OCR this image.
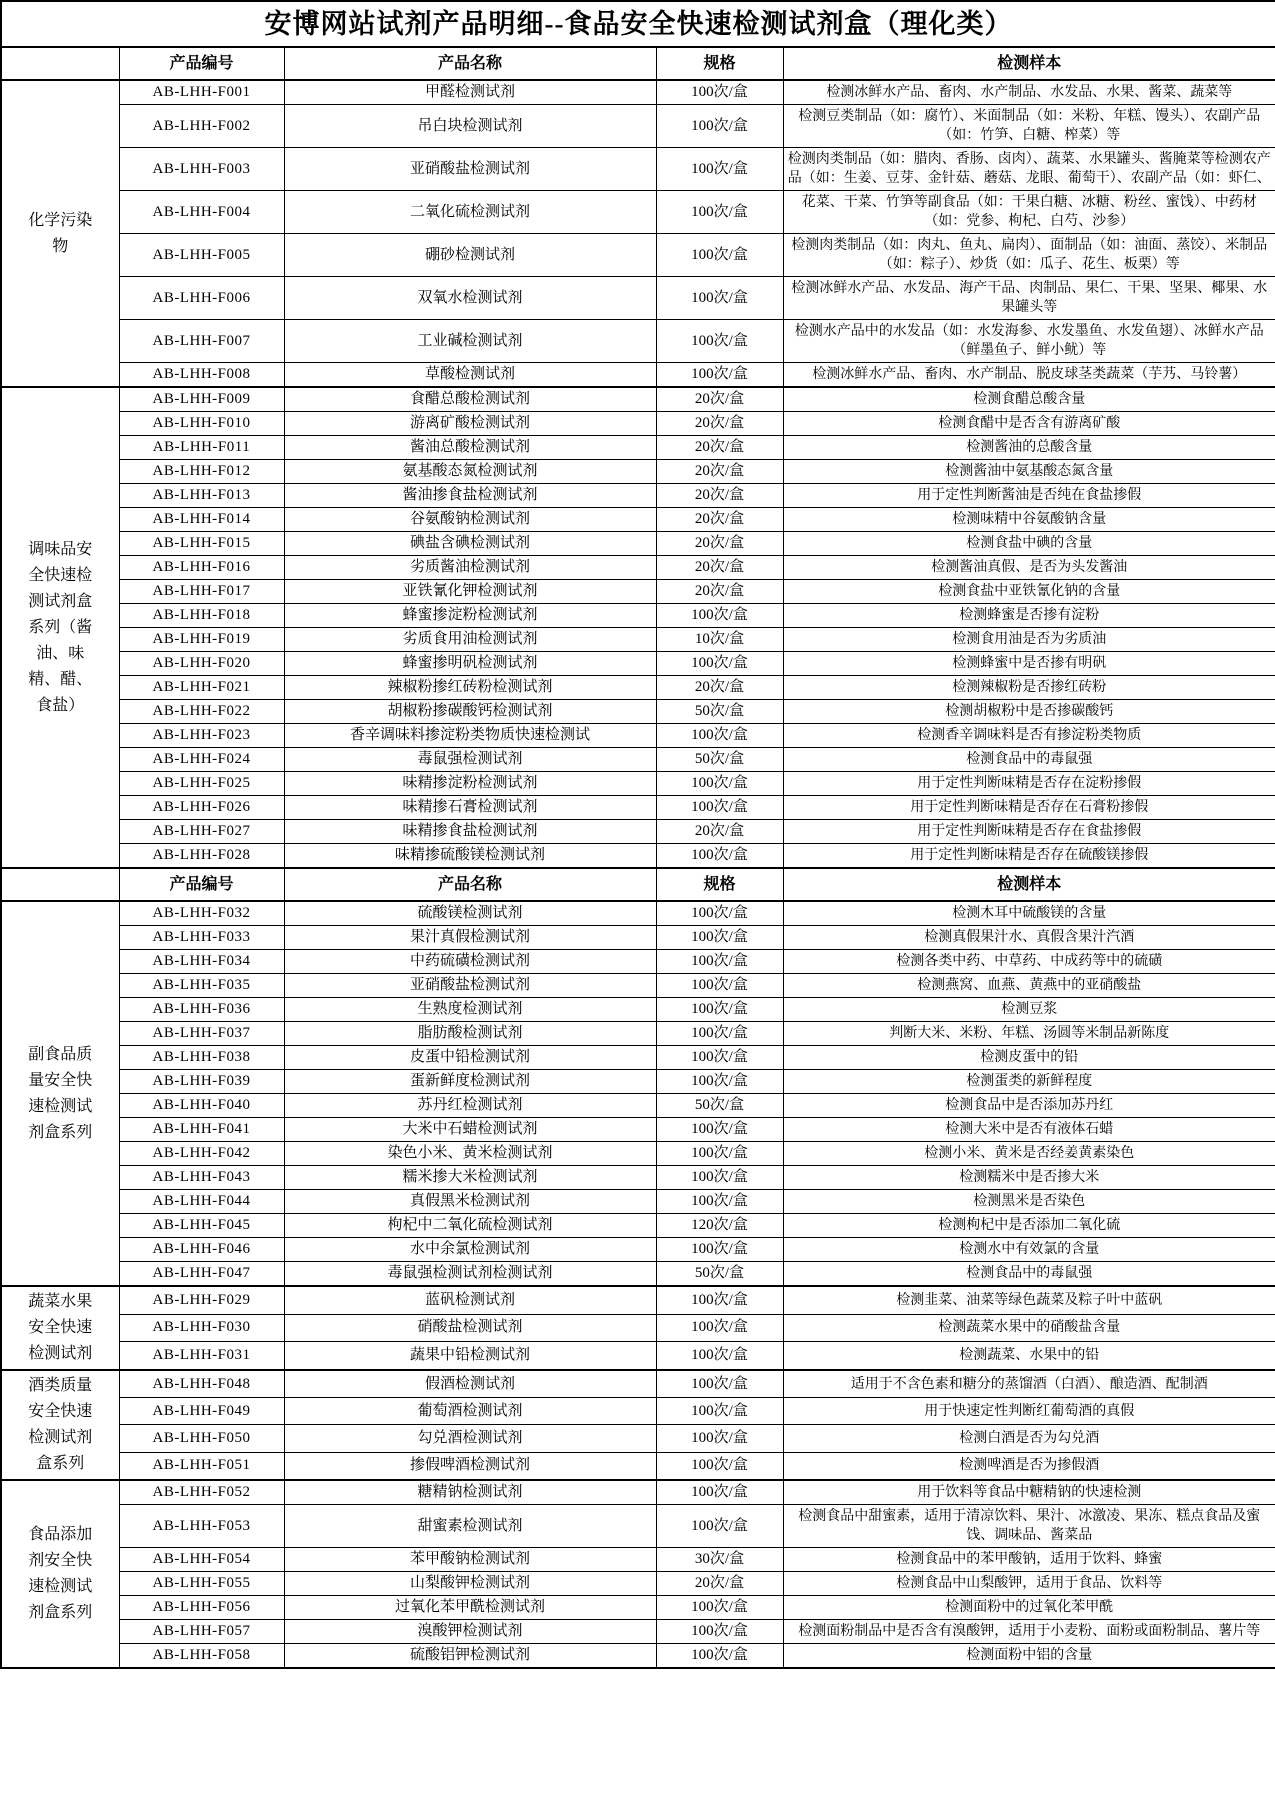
安博网站试剂产品明细--食品安全快速检测试剂盒（理化类）				
	产品编号	产品名称	规格	检测样本
化学污染物	AB-LHH-F001	甲醛检测试剂	100次/盒	检测冰鲜水产品、畜肉、水产制品、水发品、水果、酱菜、蔬菜等
	AB-LHH-F002	吊白块检测试剂	100次/盒	检测豆类制品（如：腐竹）、米面制品（如：米粉、年糕、馒头）、农副产品（如：竹笋、白糖、榨菜）等
	AB-LHH-F003	亚硝酸盐检测试剂	100次/盒	检测肉类制品（如：腊肉、香肠、卤肉）、蔬菜、水果罐头、酱腌菜等检测农产品（如：生姜、豆芽、金针菇、蘑菇、龙眼、葡萄干）、农副产品（如：虾仁、
	AB-LHH-F004	二氧化硫检测试剂	100次/盒	花菜、干菜、竹笋等副食品（如：干果白糖、冰糖、粉丝、蜜饯）、中药材（如：党参、枸杞、白芍、沙参）
	AB-LHH-F005	硼砂检测试剂	100次/盒	检测肉类制品（如：肉丸、鱼丸、扁肉）、面制品（如：油面、蒸饺）、米制品（如：粽子）、炒货（如：瓜子、花生、板栗）等
	AB-LHH-F006	双氧水检测试剂	100次/盒	检测冰鲜水产品、水发品、海产干品、肉制品、果仁、干果、坚果、椰果、水果罐头等
	AB-LHH-F007	工业碱检测试剂	100次/盒	检测水产品中的水发品（如：水发海参、水发墨鱼、水发鱼翅）、冰鲜水产品（鲜墨鱼子、鲜小鱿）等
	AB-LHH-F008	草酸检测试剂	100次/盒	检测冰鲜水产品、畜肉、水产制品、脱皮球茎类蔬菜（芋艿、马铃薯）
调味品安全快速检测试剂盒系列（酱油、味精、醋、食盐）	AB-LHH-F009	食醋总酸检测试剂	20次/盒	检测食醋总酸含量
	AB-LHH-F010	游离矿酸检测试剂	20次/盒	检测食醋中是否含有游离矿酸
	AB-LHH-F011	酱油总酸检测试剂	20次/盒	检测酱油的总酸含量
	AB-LHH-F012	氨基酸态氮检测试剂	20次/盒	检测酱油中氨基酸态氮含量
	AB-LHH-F013	酱油掺食盐检测试剂	20次/盒	用于定性判断酱油是否纯在食盐掺假
	AB-LHH-F014	谷氨酸钠检测试剂	20次/盒	检测味精中谷氨酸钠含量
	AB-LHH-F015	碘盐含碘检测试剂	20次/盒	检测食盐中碘的含量
	AB-LHH-F016	劣质酱油检测试剂	20次/盒	检测酱油真假、是否为头发酱油
	AB-LHH-F017	亚铁氰化钾检测试剂	20次/盒	检测食盐中亚铁氰化钠的含量
	AB-LHH-F018	蜂蜜掺淀粉检测试剂	100次/盒	检测蜂蜜是否掺有淀粉
	AB-LHH-F019	劣质食用油检测试剂	10次/盒	检测食用油是否为劣质油
	AB-LHH-F020	蜂蜜掺明矾检测试剂	100次/盒	检测蜂蜜中是否掺有明矾
	AB-LHH-F021	辣椒粉掺红砖粉检测试剂	20次/盒	检测辣椒粉是否掺红砖粉
	AB-LHH-F022	胡椒粉掺碳酸钙检测试剂	50次/盒	检测胡椒粉中是否掺碳酸钙
	AB-LHH-F023	香辛调味料掺淀粉类物质快速检测试	100次/盒	检测香辛调味料是否有掺淀粉类物质
	AB-LHH-F024	毒鼠强检测试剂	50次/盒	检测食品中的毒鼠强
	AB-LHH-F025	味精掺淀粉检测试剂	100次/盒	用于定性判断味精是否存在淀粉掺假
	AB-LHH-F026	味精掺石膏检测试剂	100次/盒	用于定性判断味精是否存在石膏粉掺假
	AB-LHH-F027	味精掺食盐检测试剂	20次/盒	用于定性判断味精是否存在食盐掺假
	AB-LHH-F028	味精掺硫酸镁检测试剂	100次/盒	用于定性判断味精是否存在硫酸镁掺假
	产品编号	产品名称	规格	检测样本
副食品质量安全快速检测试剂盒系列	AB-LHH-F032	硫酸镁检测试剂	100次/盒	检测木耳中硫酸镁的含量
	AB-LHH-F033	果汁真假检测试剂	100次/盒	检测真假果汁水、真假含果汁汽酒
	AB-LHH-F034	中药硫磺检测试剂	100次/盒	检测各类中药、中草药、中成药等中的硫磺
	AB-LHH-F035	亚硝酸盐检测试剂	100次/盒	检测燕窝、血燕、黄燕中的亚硝酸盐
	AB-LHH-F036	生熟度检测试剂	100次/盒	检测豆浆
	AB-LHH-F037	脂肪酸检测试剂	100次/盒	判断大米、米粉、年糕、汤圆等米制品新陈度
	AB-LHH-F038	皮蛋中铅检测试剂	100次/盒	检测皮蛋中的铅
	AB-LHH-F039	蛋新鲜度检测试剂	100次/盒	检测蛋类的新鲜程度
	AB-LHH-F040	苏丹红检测试剂	50次/盒	检测食品中是否添加苏丹红
	AB-LHH-F041	大米中石蜡检测试剂	100次/盒	检测大米中是否有液体石蜡
	AB-LHH-F042	染色小米、黄米检测试剂	100次/盒	检测小米、黄米是否经姜黄素染色
	AB-LHH-F043	糯米掺大米检测试剂	100次/盒	检测糯米中是否掺大米
	AB-LHH-F044	真假黑米检测试剂	100次/盒	检测黑米是否染色
	AB-LHH-F045	枸杞中二氧化硫检测试剂	120次/盒	检测枸杞中是否添加二氧化硫
	AB-LHH-F046	水中余氯检测试剂	100次/盒	检测水中有效氯的含量
	AB-LHH-F047	毒鼠强检测试剂检测试剂	50次/盒	检测食品中的毒鼠强
蔬菜水果安全快速检测试剂	AB-LHH-F029	蓝矾检测试剂	100次/盒	检测韭菜、油菜等绿色蔬菜及粽子叶中蓝矾
	AB-LHH-F030	硝酸盐检测试剂	100次/盒	检测蔬菜水果中的硝酸盐含量
	AB-LHH-F031	蔬果中铅检测试剂	100次/盒	检测蔬菜、水果中的铅
酒类质量安全快速检测试剂盒系列	AB-LHH-F048	假酒检测试剂	100次/盒	适用于不含色素和糖分的蒸馏酒（白酒）、酿造酒、配制酒
	AB-LHH-F049	葡萄酒检测试剂	100次/盒	用于快速定性判断红葡萄酒的真假
	AB-LHH-F050	勾兑酒检测试剂	100次/盒	检测白酒是否为勾兑酒
	AB-LHH-F051	掺假啤酒检测试剂	100次/盒	检测啤酒是否为掺假酒
食品添加剂安全快速检测试剂盒系列	AB-LHH-F052	糖精钠检测试剂	100次/盒	用于饮料等食品中糖精钠的快速检测
	AB-LHH-F053	甜蜜素检测试剂	100次/盒	检测食品中甜蜜素，适用于清凉饮料、果汁、冰激凌、果冻、糕点食品及蜜饯、调味品、酱菜品
	AB-LHH-F054	苯甲酸钠检测试剂	30次/盒	检测食品中的苯甲酸钠，适用于饮料、蜂蜜
	AB-LHH-F055	山梨酸钾检测试剂	20次/盒	检测食品中山梨酸钾，适用于食品、饮料等
	AB-LHH-F056	过氧化苯甲酰检测试剂	100次/盒	检测面粉中的过氧化苯甲酰
	AB-LHH-F057	溴酸钾检测试剂	100次/盒	检测面粉制品中是否含有溴酸钾，适用于小麦粉、面粉或面粉制品、薯片等
	AB-LHH-F058	硫酸铝钾检测试剂	100次/盒	检测面粉中铝的含量
